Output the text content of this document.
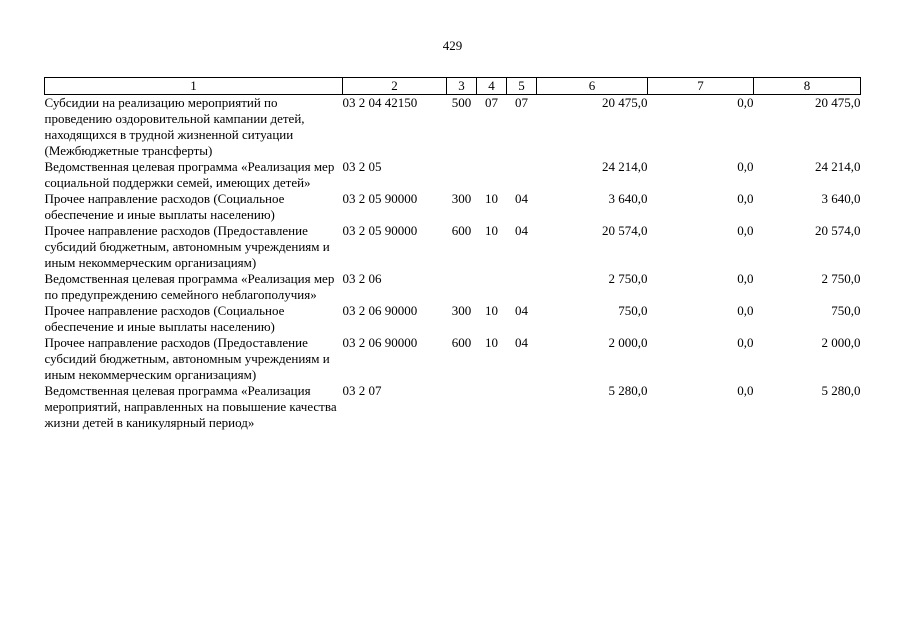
429
1	2	3	4	5	6	7	8
Субсидии на реализацию мероприятий по проведению оздоровительной кампании детей, находящихся в трудной жизненной ситуации (Межбюджетные трансферты)	03 2 04 42150	500	07	07	20 475,0	0,0	20 475,0
Ведомственная целевая программа «Реализация мер социальной поддержки семей, имеющих детей»	03 2 05				24 214,0	0,0	24 214,0
Прочее направление расходов (Социальное обеспечение и иные выплаты населению)	03 2 05 90000	300	10	04	3 640,0	0,0	3 640,0
Прочее направление расходов (Предоставление субсидий бюджетным, автономным учреждениям и иным некоммерческим организациям)	03 2 05 90000	600	10	04	20 574,0	0,0	20 574,0
Ведомственная целевая программа «Реализация мер по предупреждению семейного неблагополучия»	03 2 06				2 750,0	0,0	2 750,0
Прочее направление расходов (Социальное обеспечение и иные выплаты населению)	03 2 06 90000	300	10	04	750,0	0,0	750,0
Прочее направление расходов (Предоставление субсидий бюджетным, автономным учреждениям и иным некоммерческим организациям)	03 2 06 90000	600	10	04	2 000,0	0,0	2 000,0
Ведомственная целевая программа «Реализация мероприятий, направленных на повышение качества жизни детей в каникулярный период»	03 2 07				5 280,0	0,0	5 280,0
